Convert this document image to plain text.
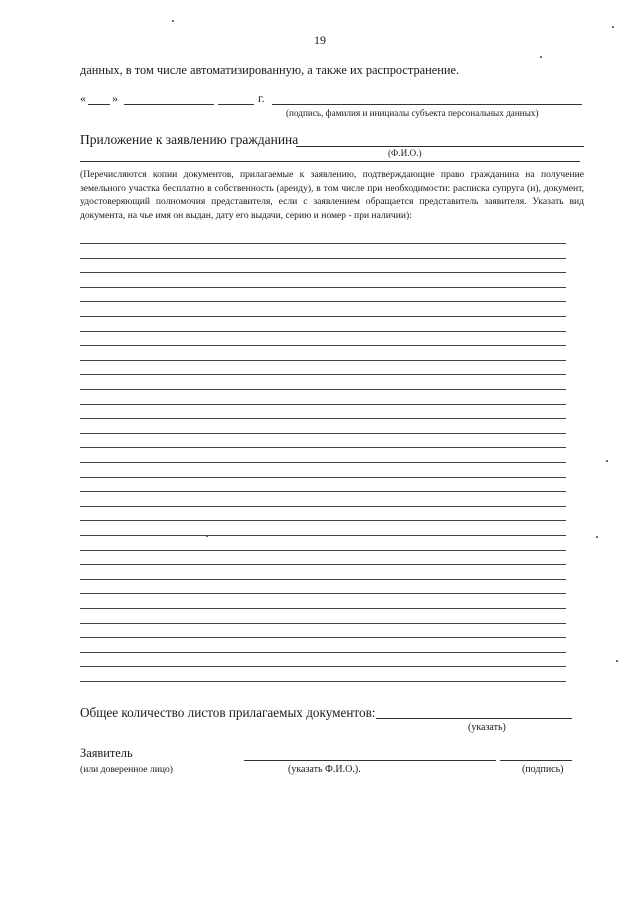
19
данных, в том числе автоматизированную, а также их распространение.
« »	г.
(подпись, фамилия и инициалы субъекта персональных данных)
Приложение к заявлению гражданина
(Ф.И.О.)
(Перечисляются копии документов, прилагаемые к заявлению, подтверждающие право гражданина на получение земельного участка бесплатно в собственность (аренду), в том числе при необходимости: расписка супруга (и), документ, удостоверяющий полномочия представителя, если с заявлением обращается представитель заявителя. Указать вид документа, на чье имя он выдан, дату его выдачи, серию и номер - при наличии):
Общее количество листов прилагаемых документов:
(указать)
Заявитель
(или доверенное лицо)	(указать Ф.И.О.).	(подпись)
